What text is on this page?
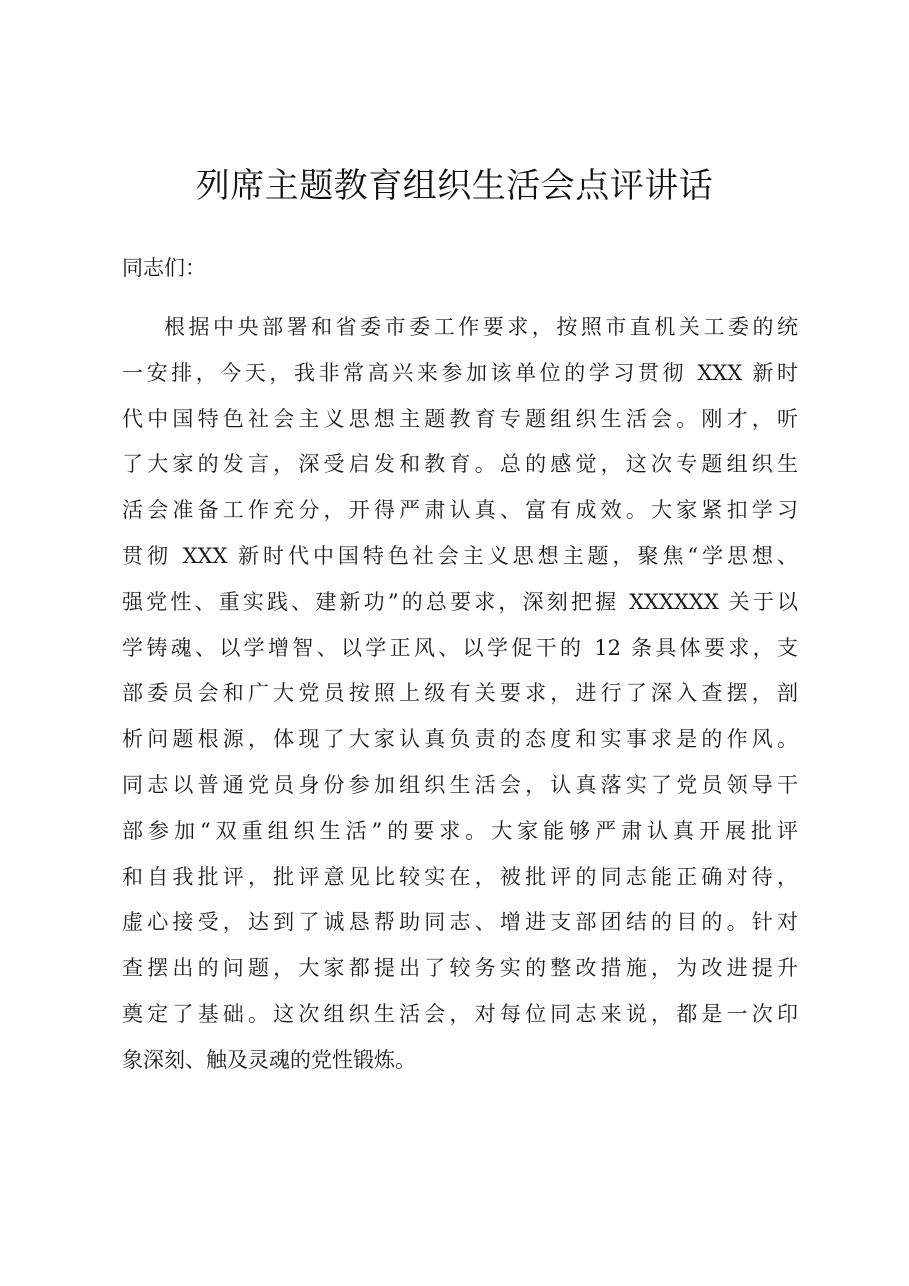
列席主题教育组织生活会点评讲话

同志们：

根据中央部署和省委市委工作要求，按照市直机关工委的统
一安排，今天，我非常高兴来参加该单位的学习贯彻 XXX 新时
代中国特色社会主义思想主题教育专题组织生活会。刚才，听
了大家的发言，深受启发和教育。总的感觉，这次专题组织生
活会准备工作充分，开得严肃认真、富有成效。大家紧扣学习
贯彻 XXX 新时代中国特色社会主义思想主题，聚焦“学思想、
强党性、重实践、建新功”的总要求，深刻把握 XXXXXX 关于以
学铸魂、以学增智、以学正风、以学促干的 12 条具体要求，支
部委员会和广大党员按照上级有关要求，进行了深入查摆，剖
析问题根源，体现了大家认真负责的态度和实事求是的作风。
同志以普通党员身份参加组织生活会，认真落实了党员领导干
部参加“双重组织生活”的要求。大家能够严肃认真开展批评
和自我批评，批评意见比较实在，被批评的同志能正确对待，
虚心接受，达到了诚恳帮助同志、增进支部团结的目的。针对
查摆出的问题，大家都提出了较务实的整改措施，为改进提升
奠定了基础。这次组织生活会，对每位同志来说，都是一次印
象深刻、触及灵魂的党性锻炼。
